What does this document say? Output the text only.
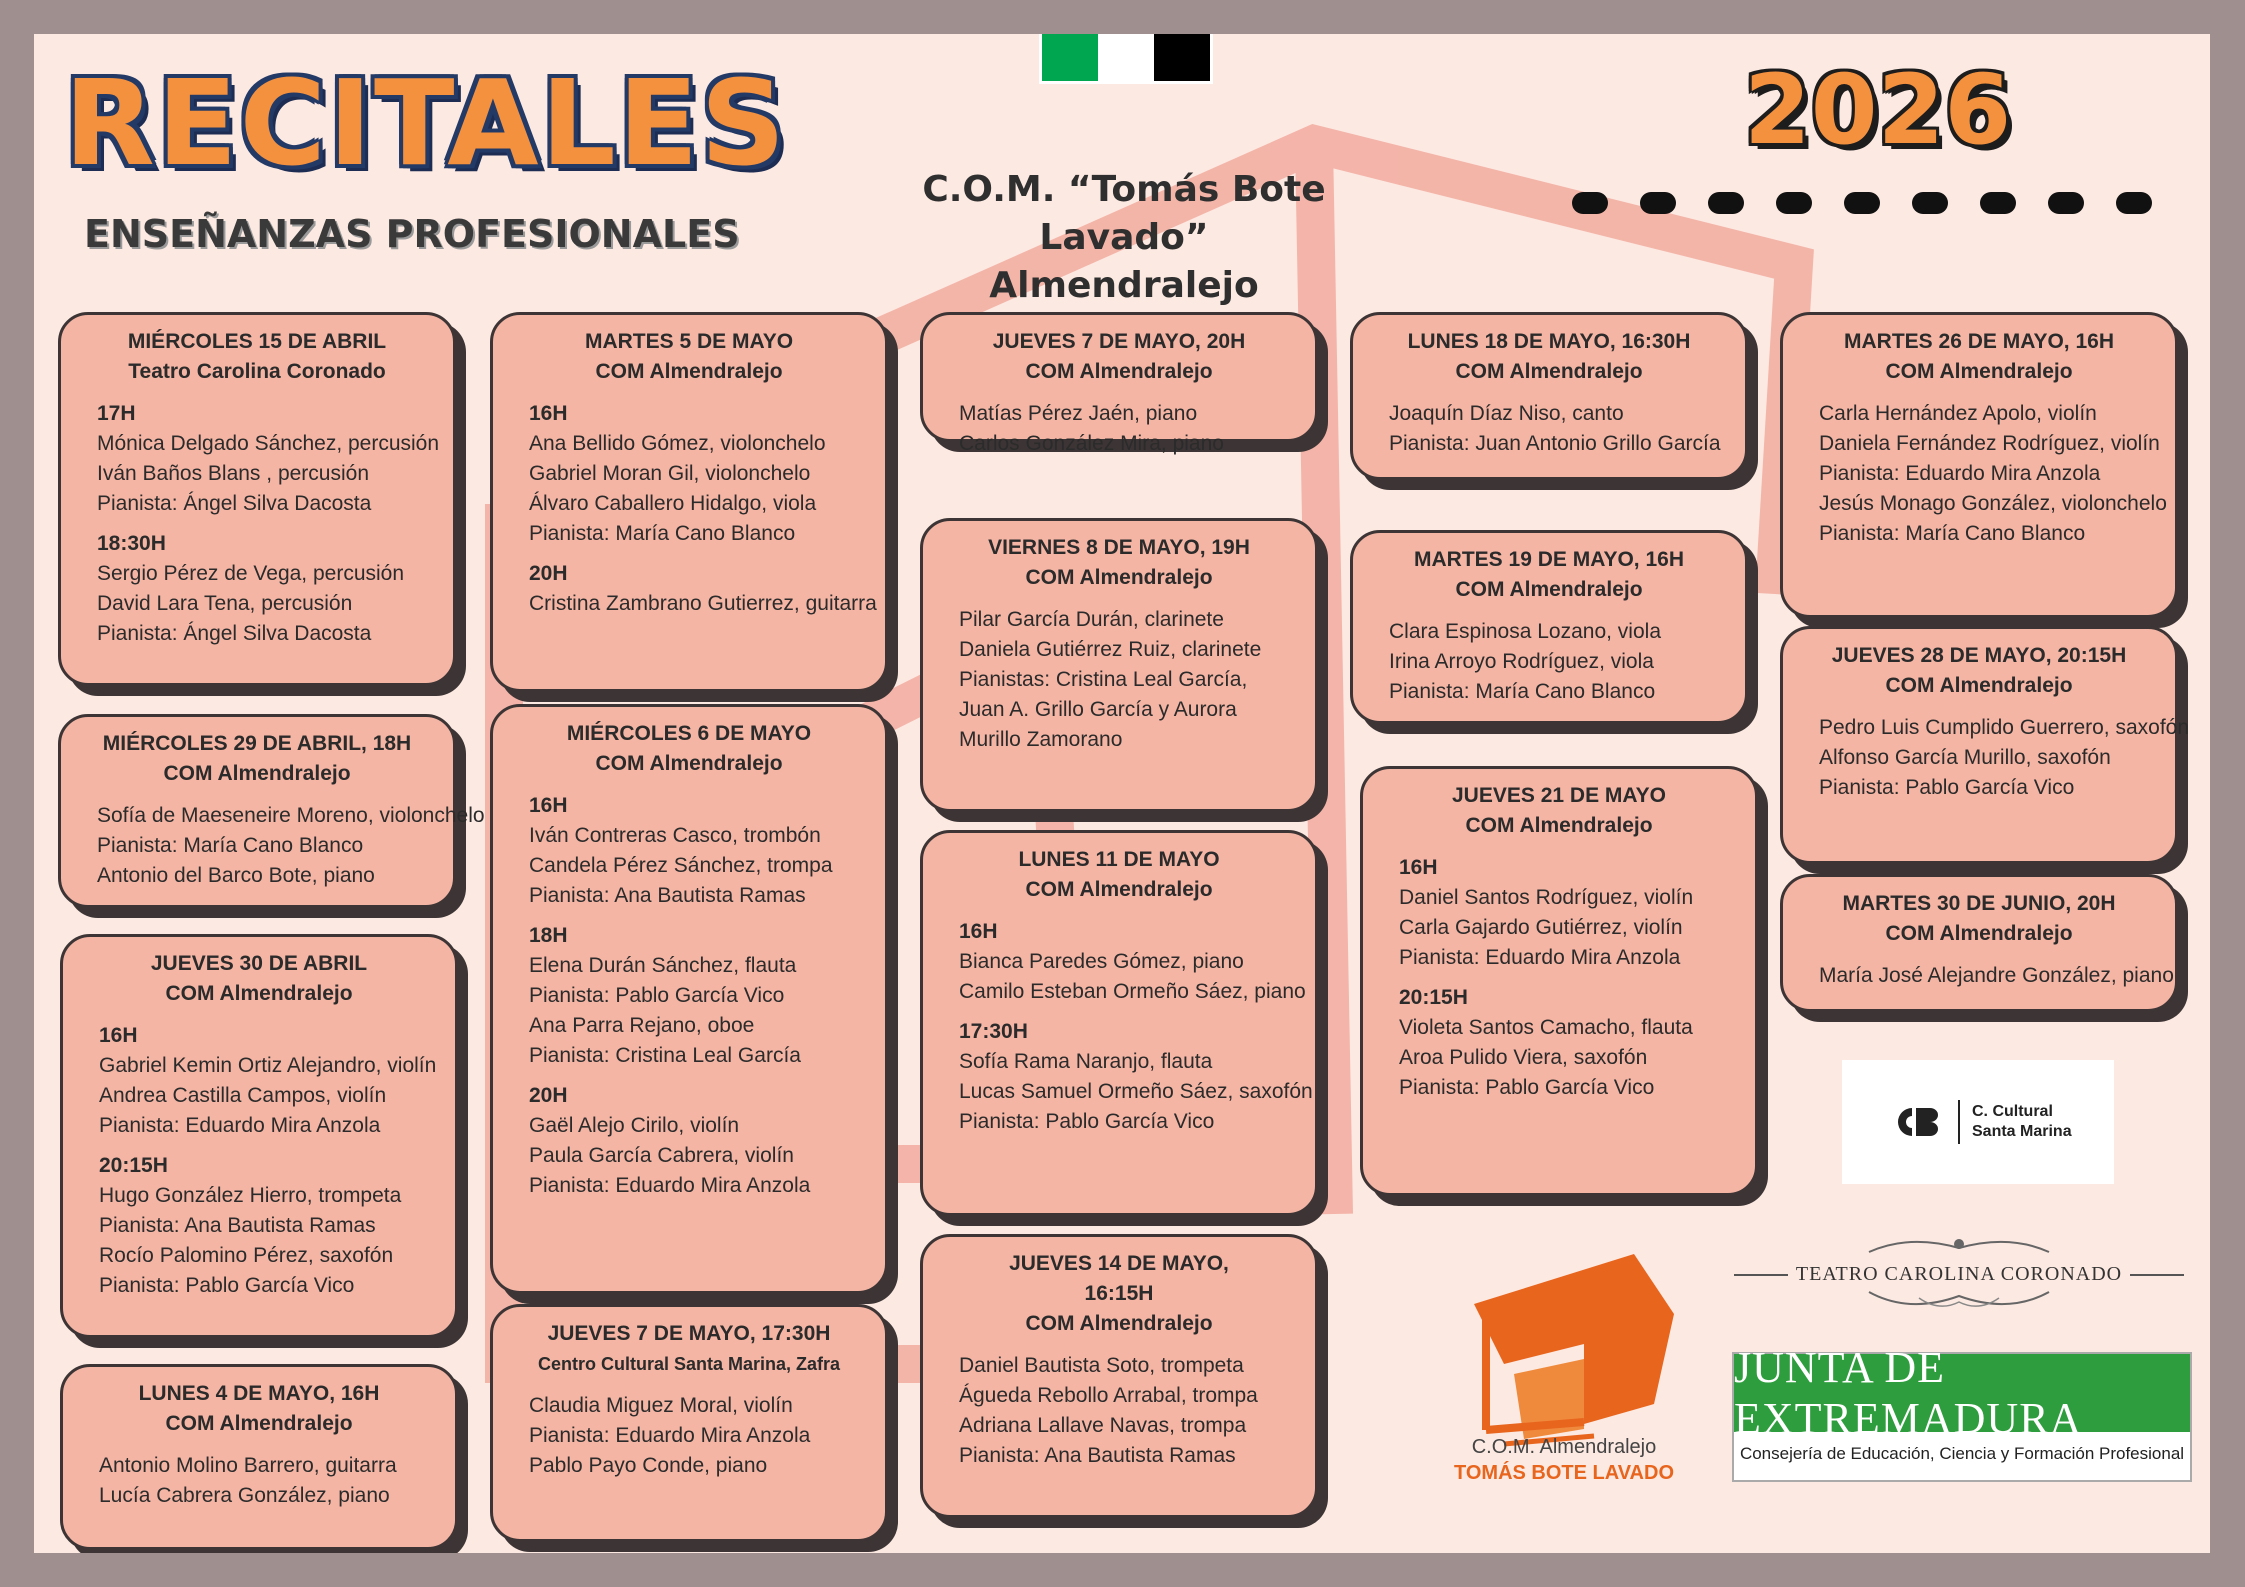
RECITALES
ENSEÑANZAS PROFESIONALES
C.O.M. “Tomás Bote Lavado”
Almendralejo
2026
MIÉRCOLES 15 DE ABRIL
Teatro Carolina Coronado
17H
Mónica Delgado Sánchez, percusión
Iván Baños Blans , percusión
Pianista: Ángel Silva Dacosta
18:30H
Sergio Pérez de Vega, percusión
David Lara Tena, percusión
Pianista: Ángel Silva Dacosta
MIÉRCOLES 29 DE ABRIL, 18H
COM Almendralejo
Sofía de Maeseneire Moreno, violonchelo
Pianista: María Cano Blanco
Antonio del Barco Bote, piano
JUEVES 30 DE ABRIL
COM Almendralejo
16H
Gabriel Kemin Ortiz Alejandro, violín
Andrea Castilla Campos, violín
Pianista: Eduardo Mira Anzola
20:15H
Hugo González Hierro, trompeta
Pianista: Ana Bautista Ramas
Rocío Palomino Pérez, saxofón
Pianista: Pablo García Vico
LUNES 4 DE MAYO, 16H
COM Almendralejo
Antonio Molino Barrero, guitarra
Lucía Cabrera González, piano
MARTES 5 DE MAYO
COM Almendralejo
16H
Ana Bellido Gómez, violonchelo
Gabriel Moran Gil, violonchelo
Álvaro Caballero Hidalgo, viola
Pianista: María Cano Blanco
20H
Cristina Zambrano Gutierrez, guitarra
MIÉRCOLES 6 DE MAYO
COM Almendralejo
16H
Iván Contreras Casco, trombón
Candela Pérez Sánchez, trompa
Pianista: Ana Bautista Ramas
18H
Elena Durán Sánchez, flauta
Pianista: Pablo García Vico
Ana Parra Rejano, oboe
Pianista: Cristina Leal García
20H
Gaël Alejo Cirilo, violín
Paula García Cabrera, violín
Pianista: Eduardo Mira Anzola
JUEVES 7 DE MAYO, 17:30H
Centro Cultural Santa Marina, Zafra
Claudia Miguez Moral, violín
Pianista: Eduardo Mira Anzola
Pablo Payo Conde, piano
JUEVES 7 DE MAYO, 20H
COM Almendralejo
Matías Pérez Jaén, piano
Carlos González Mira, piano
VIERNES 8 DE MAYO, 19H
COM Almendralejo
Pilar García Durán, clarinete
Daniela Gutiérrez Ruiz, clarinete
Pianistas: Cristina Leal García,
Juan A. Grillo García y Aurora
Murillo Zamorano
LUNES 11 DE MAYO
COM Almendralejo
16H
Bianca Paredes Gómez, piano
Camilo Esteban Ormeño Sáez, piano
17:30H
Sofía Rama Naranjo, flauta
Lucas Samuel Ormeño Sáez, saxofón
Pianista: Pablo García Vico
JUEVES 14 DE MAYO,
16:15H
COM Almendralejo
Daniel Bautista Soto, trompeta
Águeda Rebollo Arrabal, trompa
Adriana Lallave Navas, trompa
Pianista: Ana Bautista Ramas
LUNES 18 DE MAYO, 16:30H
COM Almendralejo
Joaquín Díaz Niso, canto
Pianista: Juan Antonio Grillo García
MARTES 19 DE MAYO, 16H
COM Almendralejo
Clara Espinosa Lozano, viola
Irina Arroyo Rodríguez, viola
Pianista: María Cano Blanco
JUEVES 21 DE MAYO
COM Almendralejo
16H
Daniel Santos Rodríguez, violín
Carla Gajardo Gutiérrez, violín
Pianista: Eduardo Mira Anzola
20:15H
Violeta Santos Camacho, flauta
Aroa Pulido Viera, saxofón
Pianista: Pablo García Vico
MARTES 26 DE MAYO, 16H
COM Almendralejo
Carla Hernández Apolo, violín
Daniela Fernández Rodríguez, violín
Pianista: Eduardo Mira Anzola
Jesús Monago González, violonchelo
Pianista: María Cano Blanco
JUEVES 28 DE MAYO, 20:15H
COM Almendralejo
Pedro Luis Cumplido Guerrero, saxofón
Alfonso García Murillo, saxofón
Pianista: Pablo García Vico
MARTES 30 DE JUNIO, 20H
COM Almendralejo
María José Alejandre González, piano
C.O.M. Almendralejo
TOMÁS BOTE LAVADO
C. Cultural
Santa Marina
TEATRO CAROLINA CORONADO
JUNTA DE EXTREMADURA
Consejería de Educación, Ciencia y Formación Profesional
